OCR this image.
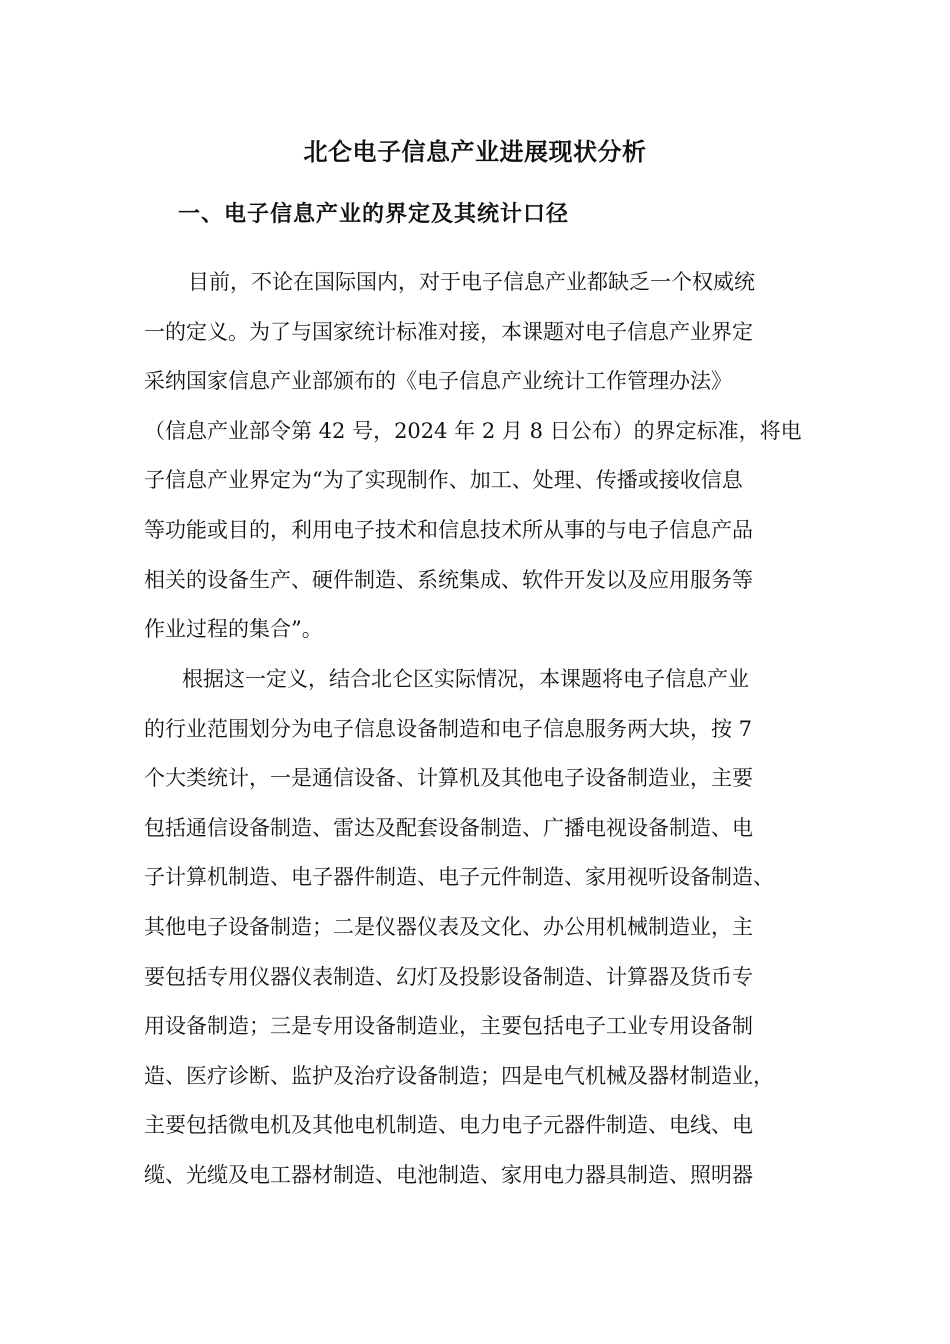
北仑电子信息产业进展现状分析
一、电子信息产业的界定及其统计口径
目前，不论在国际国内，对于电子信息产业都缺乏一个权威统
一的定义。为了与国家统计标准对接，本课题对电子信息产业界定
采纳国家信息产业部颁布的《电子信息产业统计工作管理办法》
（信息产业部令第 42 号，2024 年 2 月 8 日公布）的界定标准，将电
子信息产业界定为“为了实现制作、加工、处理、传播或接收信息
等功能或目的，利用电子技术和信息技术所从事的与电子信息产品
相关的设备生产、硬件制造、系统集成、软件开发以及应用服务等
作业过程的集合”。
根据这一定义，结合北仑区实际情况，本课题将电子信息产业
的行业范围划分为电子信息设备制造和电子信息服务两大块，按 7
个大类统计，一是通信设备、计算机及其他电子设备制造业，主要
包括通信设备制造、雷达及配套设备制造、广播电视设备制造、电
子计算机制造、电子器件制造、电子元件制造、家用视听设备制造、
其他电子设备制造；二是仪器仪表及文化、办公用机械制造业，主
要包括专用仪器仪表制造、幻灯及投影设备制造、计算器及货币专
用设备制造；三是专用设备制造业，主要包括电子工业专用设备制
造、医疗诊断、监护及治疗设备制造；四是电气机械及器材制造业，
主要包括微电机及其他电机制造、电力电子元器件制造、电线、电
缆、光缆及电工器材制造、电池制造、家用电力器具制造、照明器
